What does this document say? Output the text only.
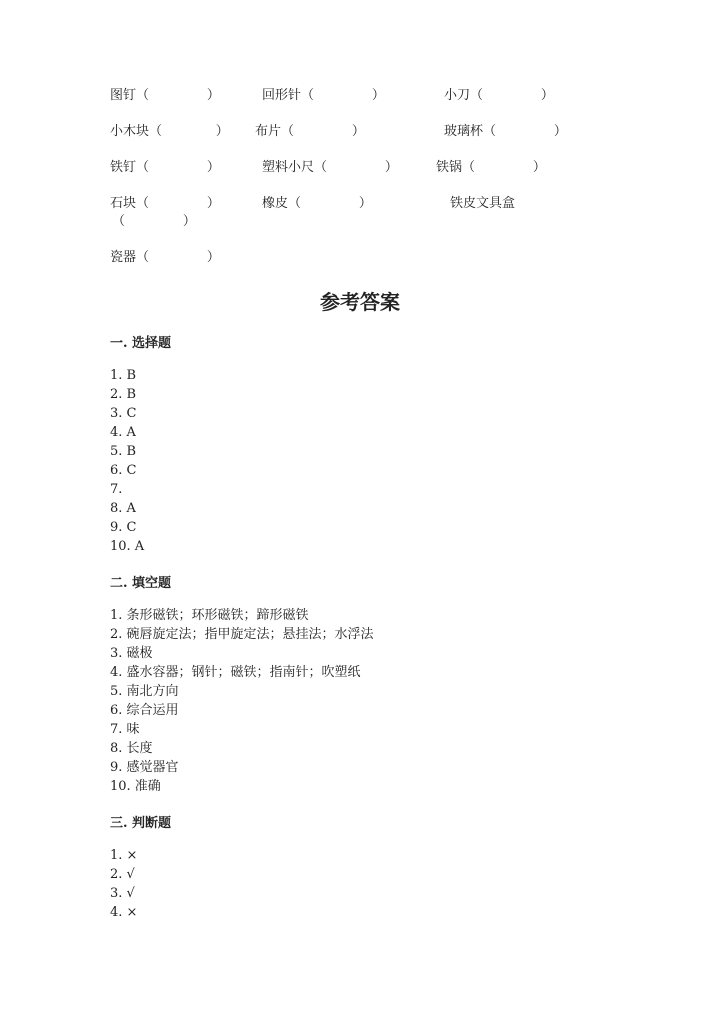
图钉（              ）	回形针（              ）	小刀（              ）
小木块（             ） 布片（              ）	玻璃杯（              ）
铁钉（              ）	塑料小尺（              ）	铁锅（              ）
石块（              ）	橡皮（              ）	铁皮文具盒
（              ）
瓷器（              ）
参考答案
一. 选择题
1. B
2. B
3. C
4. A
5. B
6. C
7.
8. A
9. C
10. A
二. 填空题
1. 条形磁铁；环形磁铁；蹄形磁铁
2. 碗唇旋定法；指甲旋定法；悬挂法；水浮法
3. 磁极
4. 盛水容器；钢针；磁铁；指南针；吹塑纸
5. 南北方向
6. 综合运用
7. 味
8. 长度
9. 感觉器官
10. 准确
三. 判断题
1. ×
2. √
3. √
4. ×
